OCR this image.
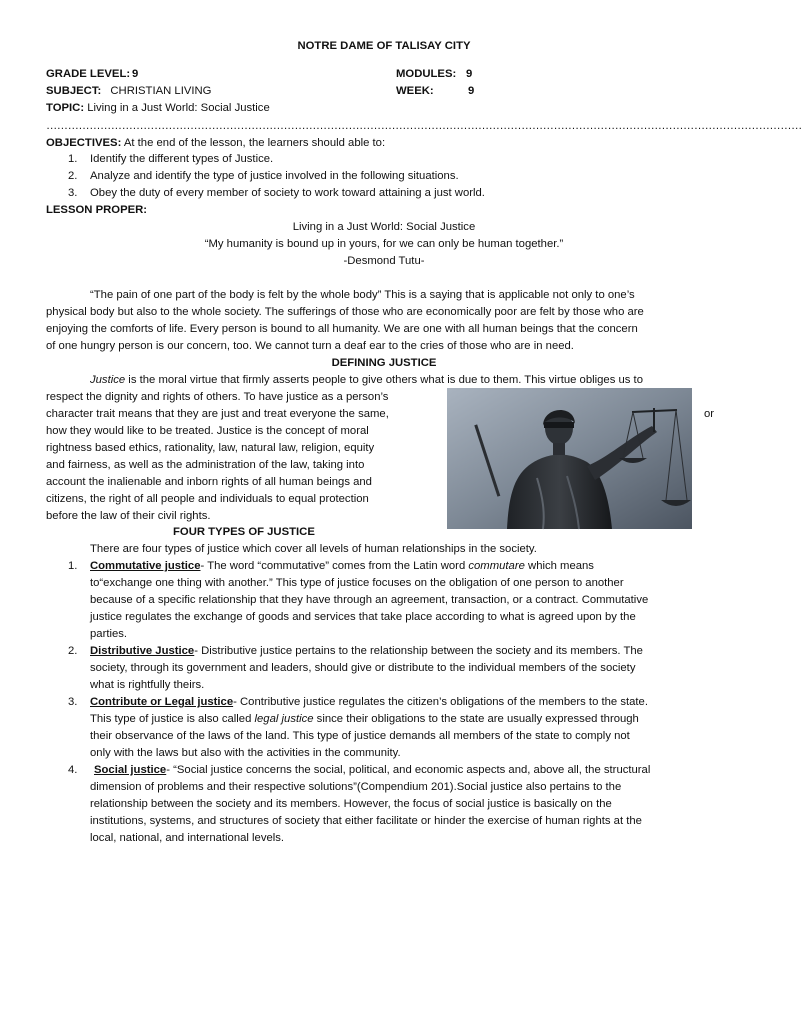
NOTRE DAME OF TALISAY CITY
GRADE LEVEL: 9	MODULES: 9
SUBJECT: CHRISTIAN LIVING	WEEK:	9
TOPIC: Living in a Just World: Social Justice
…………………………………………………………………………………………………………………………………………………………………………………………
OBJECTIVES: At the end of the lesson, the learners should able to:
1. Identify the different types of Justice.
2. Analyze and identify the type of justice involved in the following situations.
3. Obey the duty of every member of society to work toward attaining a just world.
LESSON PROPER:
Living in a Just World: Social Justice
“My humanity is bound up in yours, for we can only be human together.”
-Desmond Tutu-
“The pain of one part of the body is felt by the whole body” This is a saying that is applicable not only to one’s
physical body but also to the whole society. The sufferings of those who are economically poor are felt by those who are
enjoying the comforts of life. Every person is bound to all humanity. We are one with all human beings that the concern
of one hungry person is our concern, too. We cannot turn a deaf ear to the cries of those who are in need.
DEFINING JUSTICE
Justice is the moral virtue that firmly asserts people to give others what is due to them. This virtue obliges us to
respect the dignity and rights of others. To have justice as a person’s
character trait means that they are just and treat everyone the same,	or
how they would like to be treated. Justice is the concept of moral
rightness based ethics, rationality, law, natural law, religion, equity
and fairness, as well as the administration of the law, taking into
account the inalienable and inborn rights of all human beings and
citizens, the right of all people and individuals to equal protection
before the law of their civil rights.
FOUR TYPES OF JUSTICE
There are four types of justice which cover all levels of human relationships in the society.
1. Commutative justice- The word “commutative” comes from the Latin word commutare which means
to“exchange one thing with another.” This type of justice focuses on the obligation of one person to another
because of a specific relationship that they have through an agreement, transaction, or a contract. Commutative
justice regulates the exchange of goods and services that take place according to what is agreed upon by the
parties.
2. Distributive Justice- Distributive justice pertains to the relationship between the society and its members. The
society, through its government and leaders, should give or distribute to the individual members of the society
what is rightfully theirs.
3. Contribute or Legal justice- Contributive justice regulates the citizen’s obligations of the members to the state.
This type of justice is also called legal justice since their obligations to the state are usually expressed through
their observance of the laws of the land. This type of justice demands all members of the state to comply not
only with the laws but also with the activities in the community.
4. Social justice- “Social justice concerns the social, political, and economic aspects and, above all, the structural
dimension of problems and their respective solutions”(Compendium 201).Social justice also pertains to the
relationship between the society and its members. However, the focus of social justice is basically on the
institutions, systems, and structures of society that either facilitate or hinder the exercise of human rights at the
local, national, and international levels.
